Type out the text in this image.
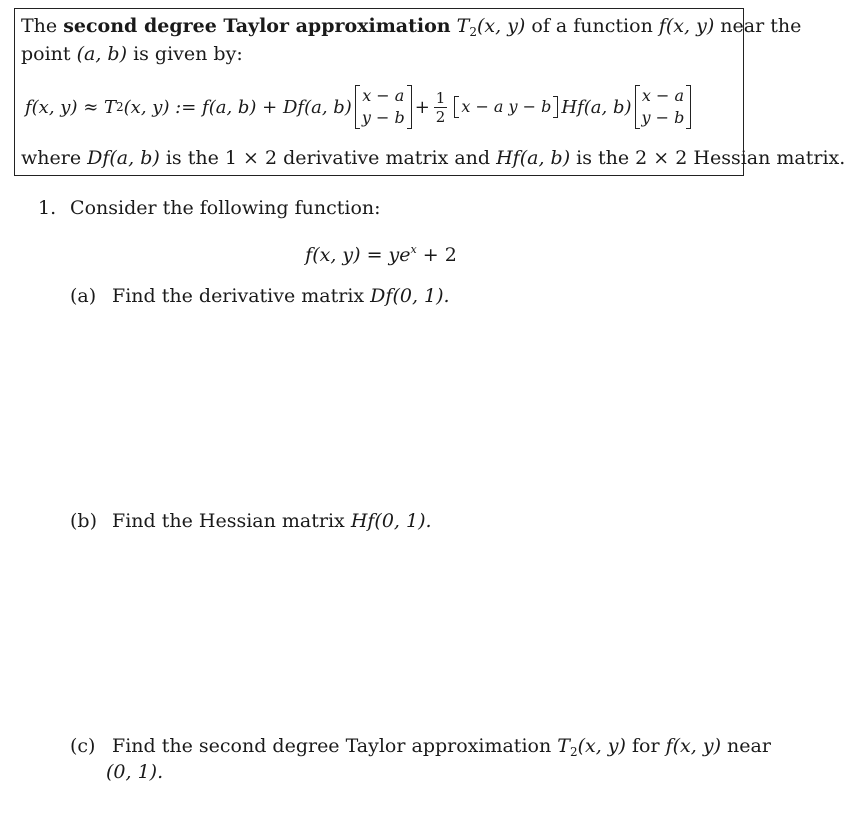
The second degree Taylor approximation $T_2(x$, y) of a function f(x, y) near the
point (a, b) is given by:
f(x, y) ≈ T 2 (x, y) := f(a, b) + Df(a, b)
x − a
$y - b + \frac{1}{2}$ x − a y − b Hf(a, b)
x − a
y − b
where Df(a, b) is the 1 × 2 derivative matrix and Hf(a, b) is the 2 × 2 Hessian matrix.
1. Consider the following function:
f(x, $y) = ye^x + 2$
(a) Find the derivative matrix Df(0, 1).
(b) Find the Hessian matrix Hf(0, 1).
(c) Find the second degree Taylor approximation $T_2(x$, y) for f(x, y) near
(0, 1).
